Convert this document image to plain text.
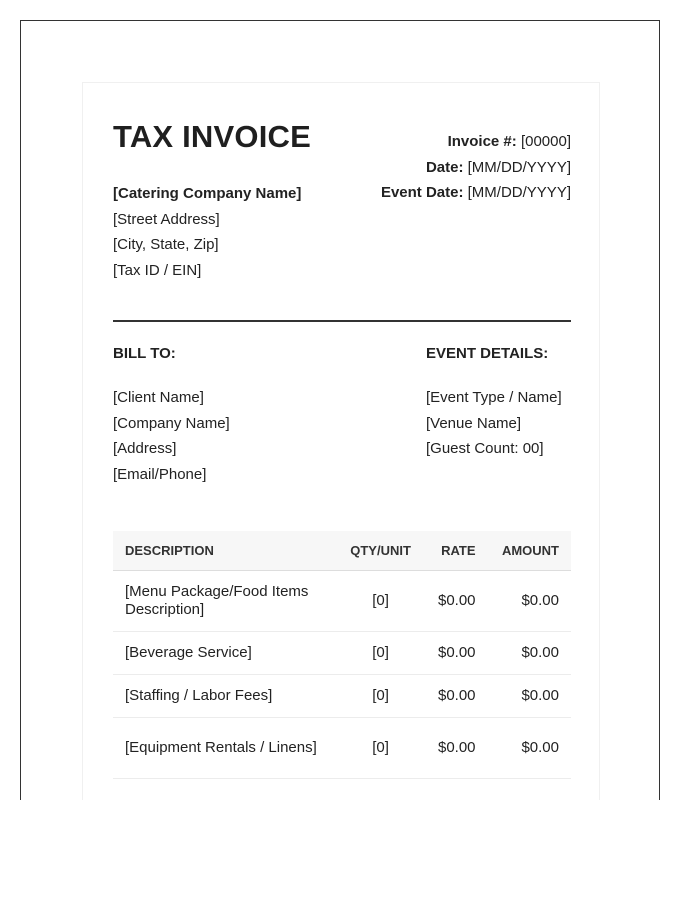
TAX INVOICE
[Catering Company Name]
[Street Address]
[City, State, Zip]
[Tax ID / EIN]
Invoice #: [00000]
Date: [MM/DD/YYYY]
Event Date: [MM/DD/YYYY]
BILL TO:
[Client Name]
[Company Name]
[Address]
[Email/Phone]
EVENT DETAILS:
[Event Type / Name]
[Venue Name]
[Guest Count: 00]
DESCRIPTION	QTY/UNIT	RATE	AMOUNT
[Menu Package/Food Items Description]	[0]	$0.00	$0.00
[Beverage Service]	[0]	$0.00	$0.00
[Staffing / Labor Fees]	[0]	$0.00	$0.00
[Equipment Rentals / Linens]	[0]	$0.00	$0.00
